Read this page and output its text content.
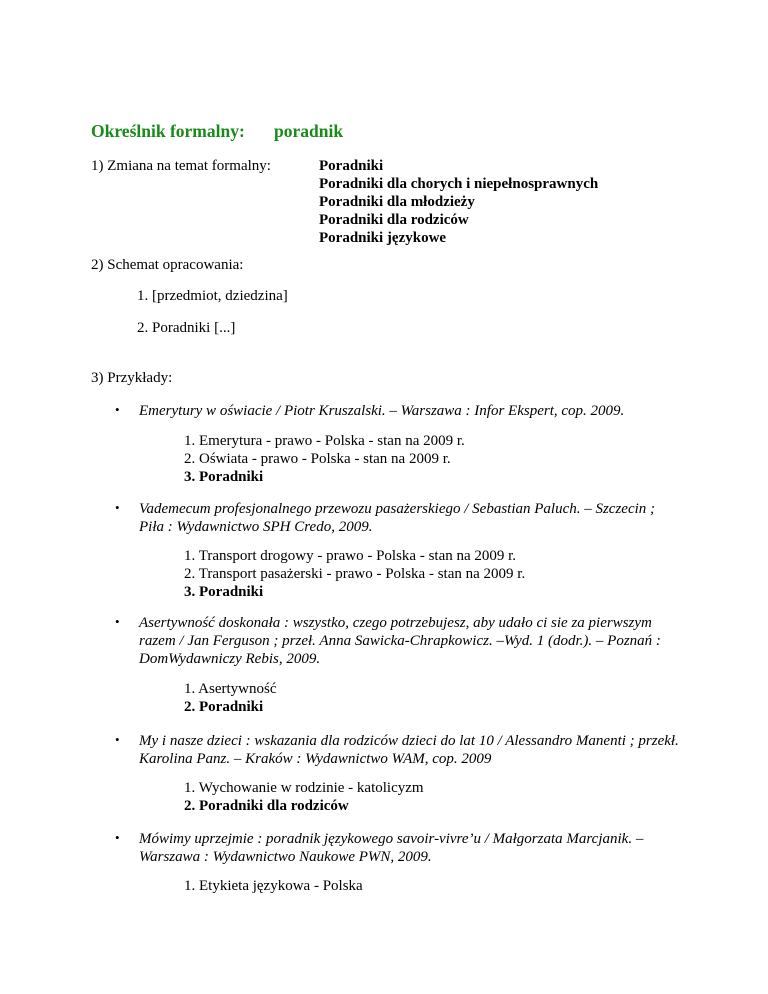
Określnik formalny: poradnik
1) Zmiana na temat formalny:	Poradniki
Poradniki dla chorych i niepełnosprawnych
Poradniki dla młodzieży
Poradniki dla rodziców
Poradniki językowe
2) Schemat opracowania:
1. [przedmiot, dziedzina]
2. Poradniki [...]
3) Przykłady:
• Emerytury w oświacie / Piotr Kruszalski. – Warszawa : Infor Ekspert, cop. 2009.
1. Emerytura - prawo - Polska - stan na 2009 r.
2. Oświata - prawo - Polska - stan na 2009 r.
3. Poradniki
• Vademecum profesjonalnego przewozu pasażerskiego / Sebastian Paluch. – Szczecin ; Piła : Wydawnictwo SPH Credo, 2009.
1. Transport drogowy - prawo - Polska - stan na 2009 r.
2. Transport pasażerski - prawo - Polska - stan na 2009 r.
3. Poradniki
• Asertywność doskonała : wszystko, czego potrzebujesz, aby udało ci sie za pierwszym razem / Jan Ferguson ; przeł. Anna Sawicka-Chrapkowicz. –Wyd. 1 (dodr.). – Poznań : DomWydawniczy Rebis, 2009.
1. Asertywność
2. Poradniki
• My i nasze dzieci : wskazania dla rodziców dzieci do lat 10 / Alessandro Manenti ; przekł. Karolina Panz. – Kraków : Wydawnictwo WAM, cop. 2009
1. Wychowanie w rodzinie - katolicyzm
2. Poradniki dla rodziców
• Mówimy uprzejmie : poradnik językowego savoir-vivre’u / Małgorzata Marcjanik. – Warszawa : Wydawnictwo Naukowe PWN, 2009.
1. Etykieta językowa - Polska
